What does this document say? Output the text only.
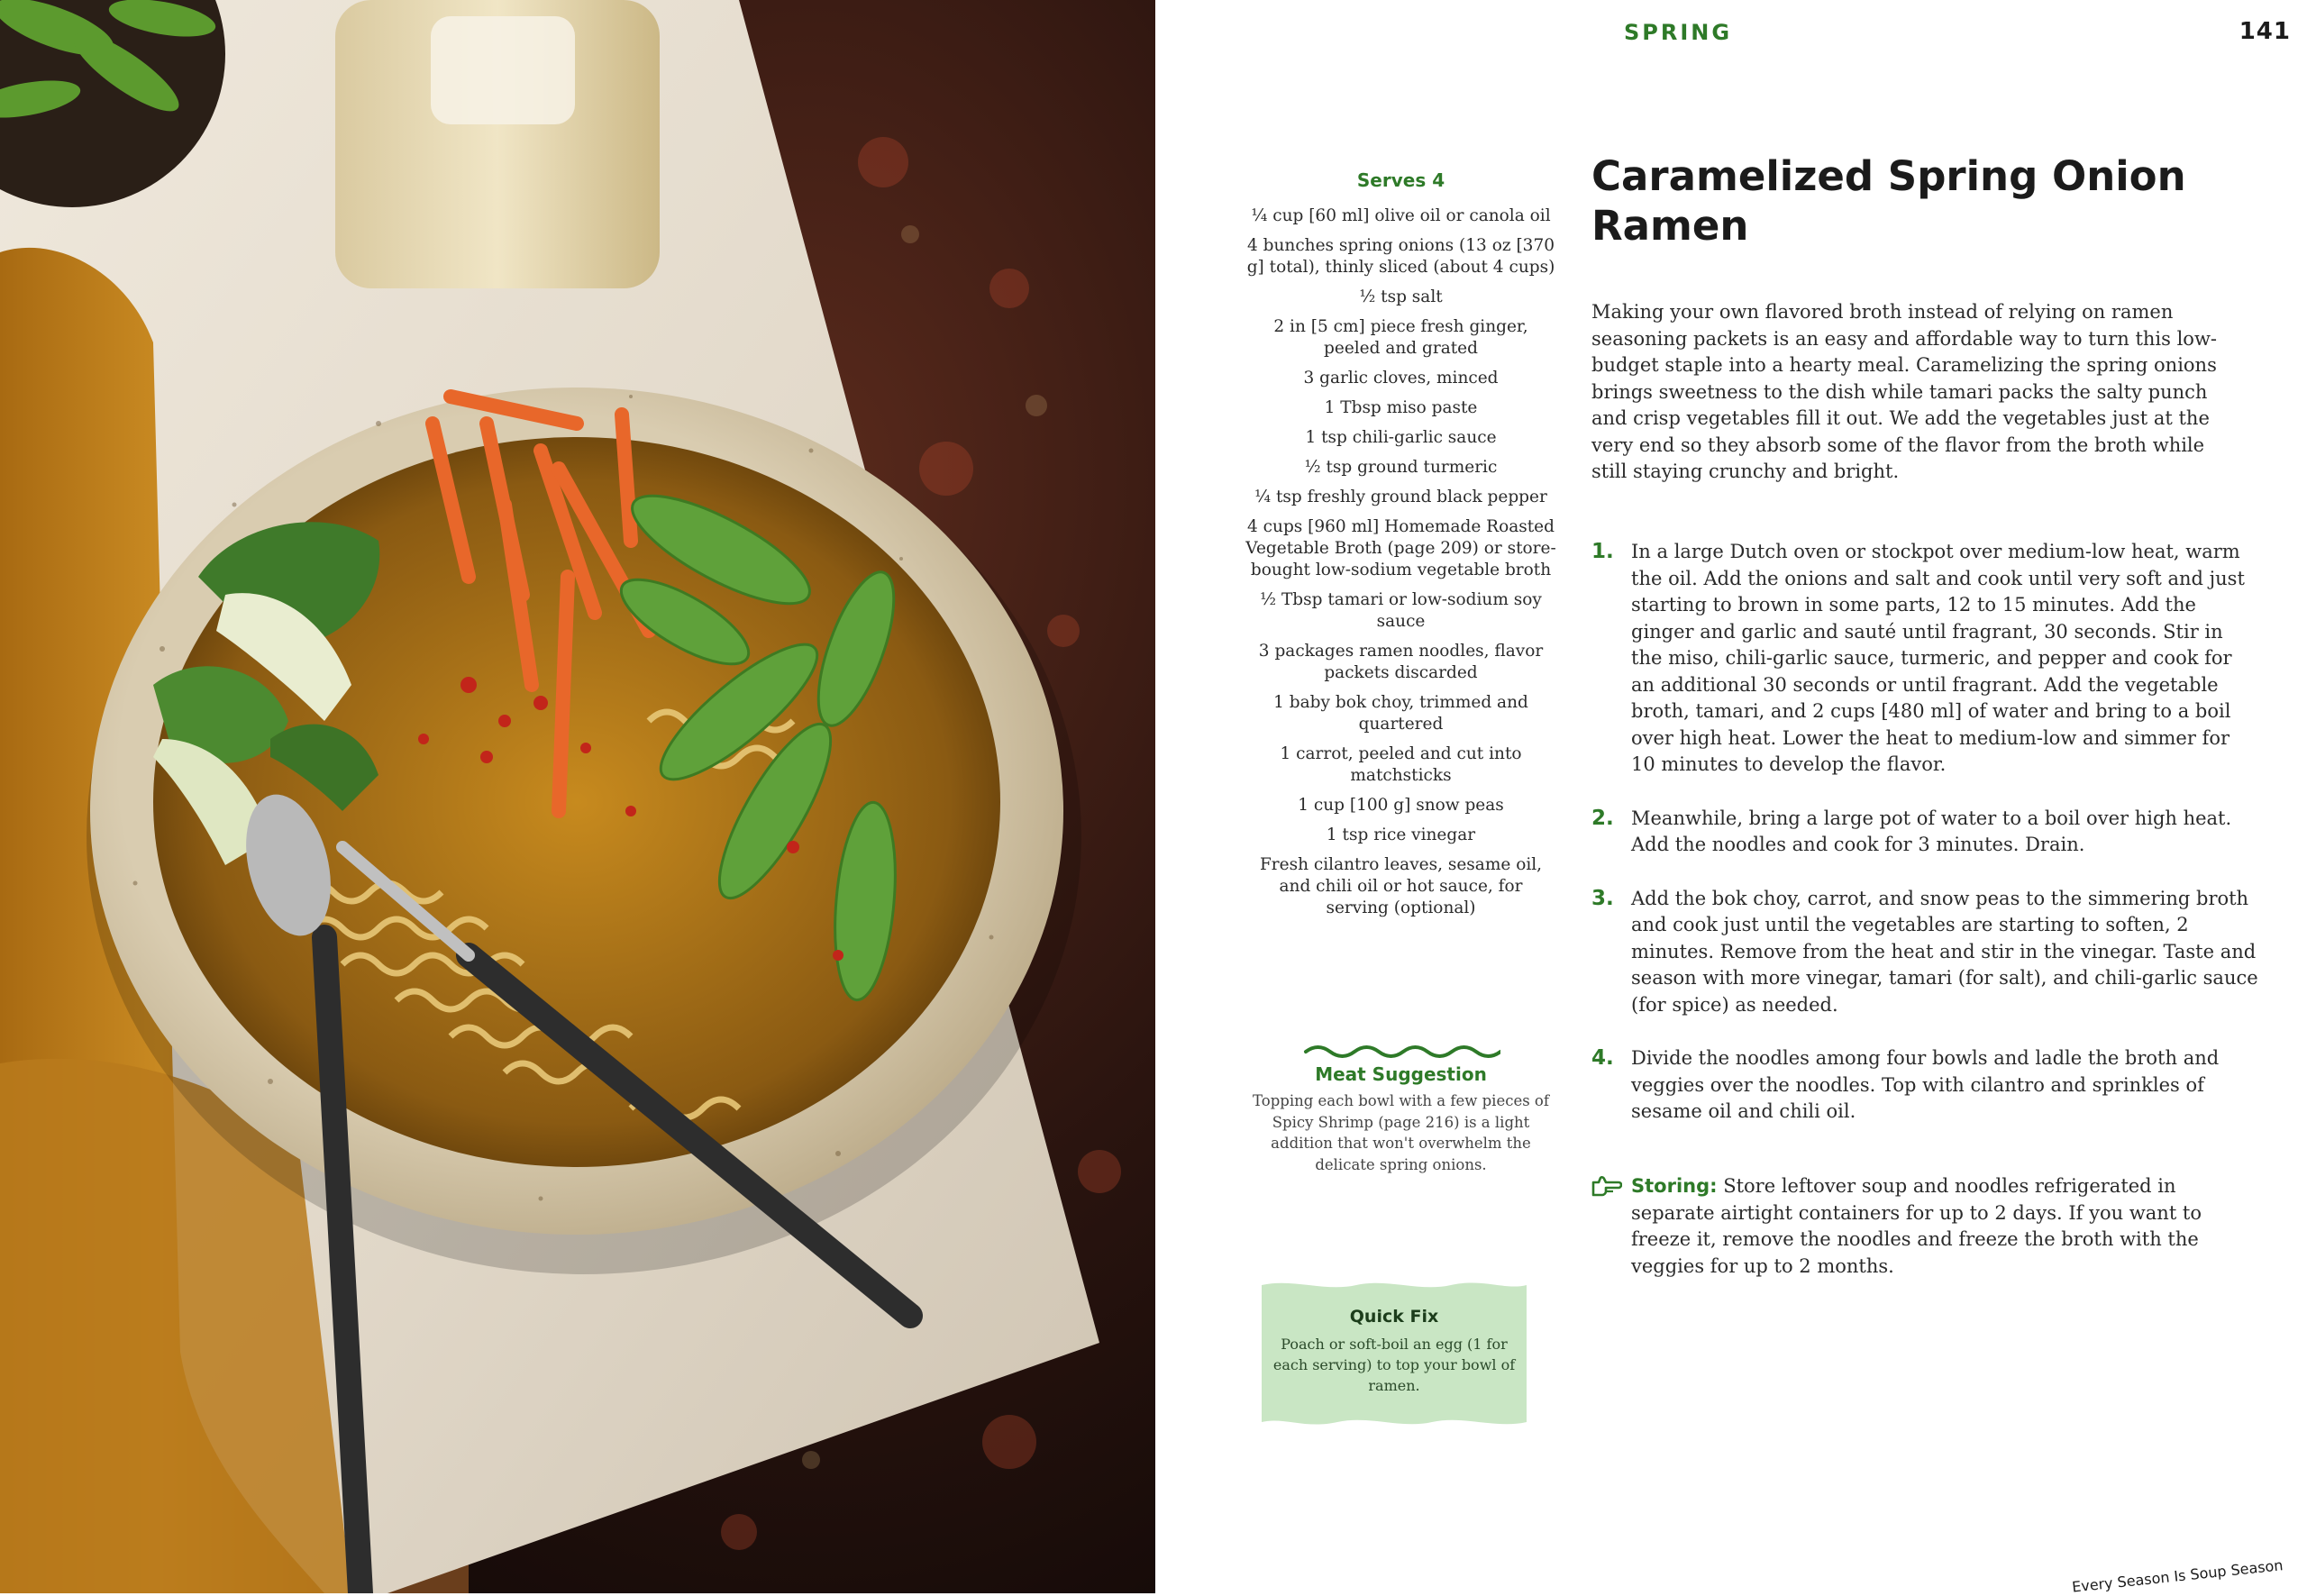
SPRING	141
Serves 4
¼ cup [60 ml] olive oil or canola oil
4 bunches spring onions (13 oz [370 g] total), thinly sliced (about 4 cups)
½ tsp salt
2 in [5 cm] piece fresh ginger, peeled and grated
3 garlic cloves, minced
1 Tbsp miso paste
1 tsp chili-garlic sauce
½ tsp ground turmeric
¼ tsp freshly ground black pepper
4 cups [960 ml] Homemade Roasted Vegetable Broth (page 209) or store-bought low-sodium vegetable broth
½ Tbsp tamari or low-sodium soy sauce
3 packages ramen noodles, flavor packets discarded
1 baby bok choy, trimmed and quartered
1 carrot, peeled and cut into matchsticks
1 cup [100 g] snow peas
1 tsp rice vinegar
Fresh cilantro leaves, sesame oil, and chili oil or hot sauce, for serving (optional)
Meat Suggestion
Topping each bowl with a few pieces of Spicy Shrimp (page 216) is a light addition that won't overwhelm the delicate spring onions.
Quick Fix
Poach or soft-boil an egg (1 for each serving) to top your bowl of ramen.
Caramelized Spring Onion Ramen

Making your own flavored broth instead of relying on ramen seasoning packets is an easy and affordable way to turn this low-budget staple into a hearty meal. Caramelizing the spring onions brings sweetness to the dish while tamari packs the salty punch and crisp vegetables fill it out. We add the vegetables just at the very end so they absorb some of the flavor from the broth while still staying crunchy and bright.

1. In a large Dutch oven or stockpot over medium-low heat, warm the oil. Add the onions and salt and cook until very soft and just starting to brown in some parts, 12 to 15 minutes. Add the ginger and garlic and sauté until fragrant, 30 seconds. Stir in the miso, chili-garlic sauce, turmeric, and pepper and cook for an additional 30 seconds or until fragrant. Add the vegetable broth, tamari, and 2 cups [480 ml] of water and bring to a boil over high heat. Lower the heat to medium-low and simmer for 10 minutes to develop the flavor.
2. Meanwhile, bring a large pot of water to a boil over high heat. Add the noodles and cook for 3 minutes. Drain.
3. Add the bok choy, carrot, and snow peas to the simmering broth and cook just until the vegetables are starting to soften, 2 minutes. Remove from the heat and stir in the vinegar. Taste and season with more vinegar, tamari (for salt), and chili-garlic sauce (for spice) as needed.
4. Divide the noodles among four bowls and ladle the broth and veggies over the noodles. Top with cilantro and sprinkles of sesame oil and chili oil.

Storing: Store leftover soup and noodles refrigerated in separate airtight containers for up to 2 days. If you want to freeze it, remove the noodles and freeze the broth with the veggies for up to 2 months.

Every Season Is Soup Season
